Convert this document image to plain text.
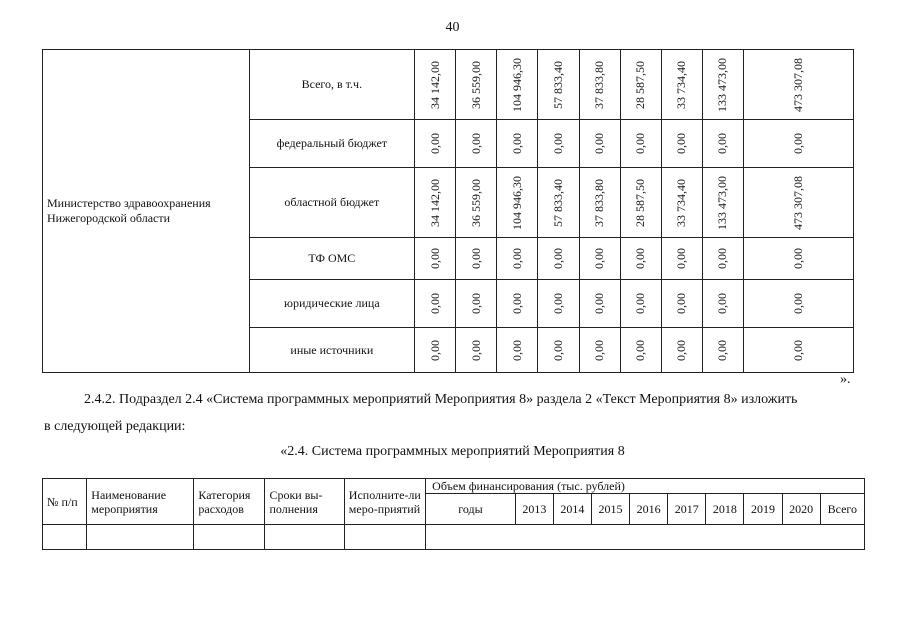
40
Министерство здравоохранения Нижегородской области	Всего, в т.ч.	34 142,00	36 559,00	104 946,30	57 833,40	37 833,80	28 587,50	33 734,40	133 473,00	473 307,08

	федеральный бюджет	0,00	0,00	0,00	0,00	0,00	0,00	0,00	0,00	0,00

	областной бюджет	34 142,00	36 559,00	104 946,30	57 833,40	37 833,80	28 587,50	33 734,40	133 473,00	473 307,08

	ТФ ОМС	0,00	0,00	0,00	0,00	0,00	0,00	0,00	0,00	0,00

	юридические лица	0,00	0,00	0,00	0,00	0,00	0,00	0,00	0,00	0,00

	иные источники	0,00	0,00	0,00	0,00	0,00	0,00	0,00	0,00	0,00
».
2.4.2. Подраздел 2.4 «Система программных мероприятий Мероприятия 8» раздела 2 «Текст Мероприятия 8» изложить
в следующей редакции:
«2.4. Система программных мероприятий Мероприятия 8
№ п/п	Наименование мероприятия	Категория расходов	Сроки вы-полнения	Исполните-ли меро-приятий	Объем финансирования (тыс. рублей)									
					годы	2013	2014	2015	2016	2017	2018	2019	2020	Всего
